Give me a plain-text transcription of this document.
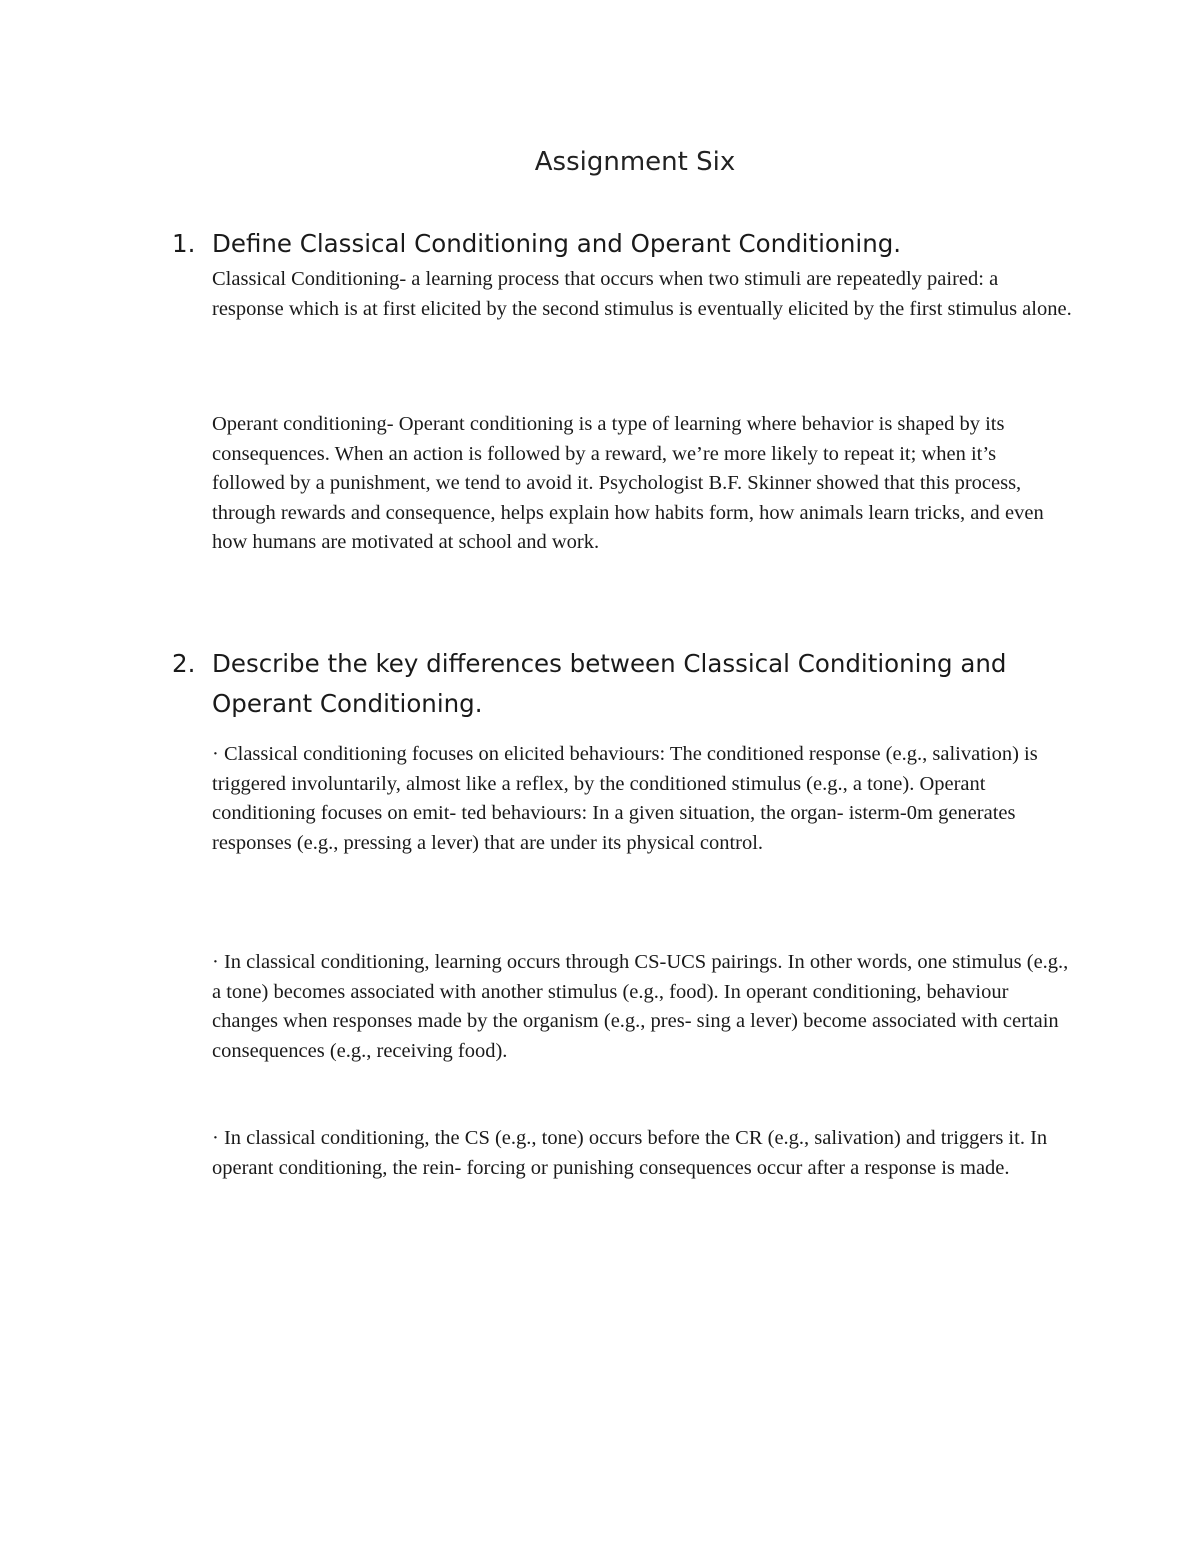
Assignment Six
1. Define Classical Conditioning and Operant Conditioning.

Classical Conditioning- a learning process that occurs when two stimuli are repeatedly paired: a response which is at first elicited by the second stimulus is eventually elicited by the first stimulus alone.

Operant conditioning- Operant conditioning is a type of learning where behavior is shaped by its consequences. When an action is followed by a reward, we’re more likely to repeat it; when it’s followed by a punishment, we tend to avoid it. Psychologist B.F. Skinner showed that this process, through rewards and consequence, helps explain how habits form, how animals learn tricks, and even how humans are motivated at school and work.

2. Describe the key differences between Classical Conditioning and Operant Conditioning.

· Classical conditioning focuses on elicited behaviours: The conditioned response (e.g., salivation) is triggered involuntarily, almost like a reflex, by the conditioned stimulus (e.g., a tone). Operant conditioning focuses on emit- ted behaviours: In a given situation, the organ- isterm-0m generates responses (e.g., pressing a lever) that are under its physical control.

· In classical conditioning, learning occurs through CS-UCS pairings. In other words, one stimulus (e.g., a tone) becomes associated with another stimulus (e.g., food). In operant conditioning, behaviour changes when responses made by the organism (e.g., pres- sing a lever) become associated with certain consequences (e.g., receiving food).

· In classical conditioning, the CS (e.g., tone) occurs before the CR (e.g., salivation) and triggers it. In operant conditioning, the rein- forcing or punishing consequences occur after a response is made.
